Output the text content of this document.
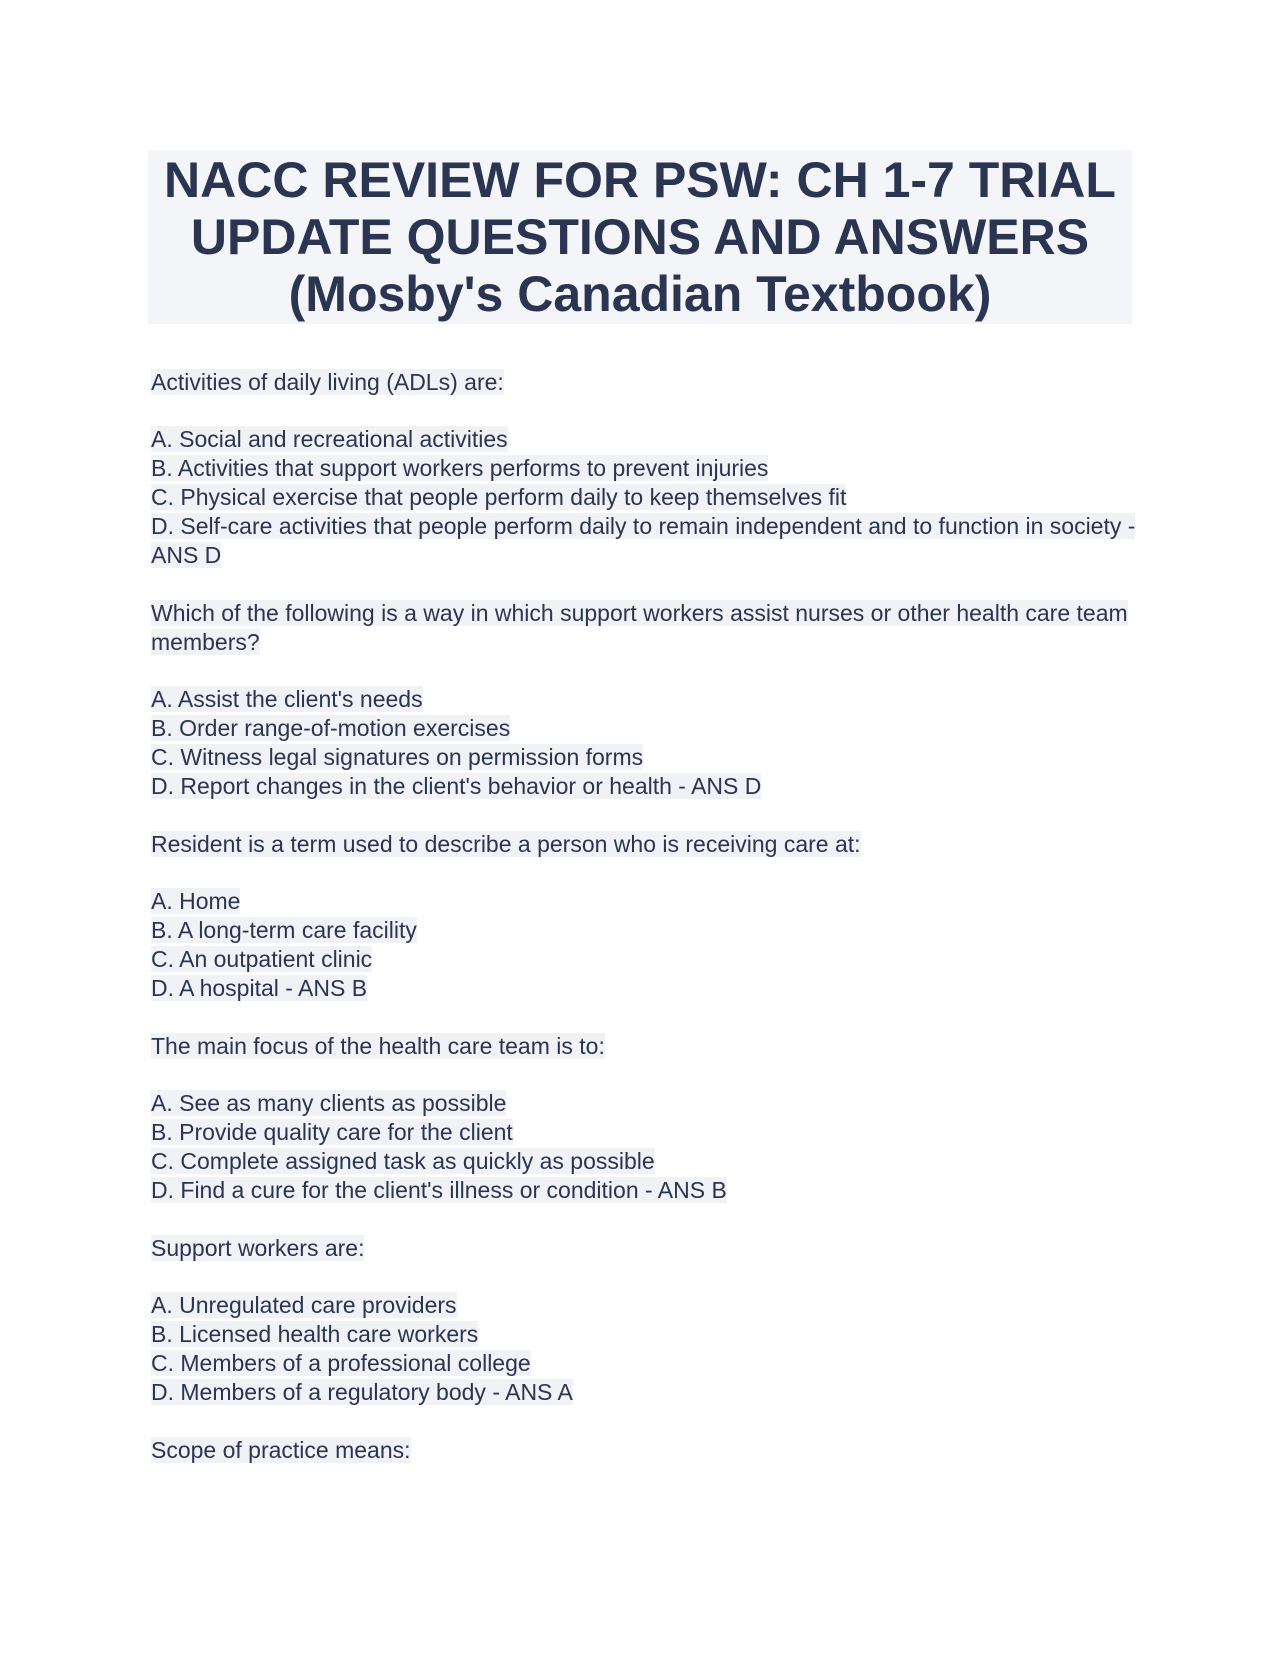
NACC REVIEW FOR PSW: CH 1-7 TRIAL
UPDATE QUESTIONS AND ANSWERS
(Mosby's Canadian Textbook)

Activities of daily living (ADLs) are:

A. Social and recreational activities

B. Activities that support workers performs to prevent injuries

C. Physical exercise that people perform daily to keep themselves fit

D. Self-care activities that people perform daily to remain independent and to function in society - ANS D

Which of the following is a way in which support workers assist nurses or other health care team members?

A. Assist the client's needs

B. Order range-of-motion exercises

C. Witness legal signatures on permission forms

D. Report changes in the client's behavior or health - ANS D

Resident is a term used to describe a person who is receiving care at:

A. Home

B. A long-term care facility

C. An outpatient clinic

D. A hospital - ANS B

The main focus of the health care team is to:

A. See as many clients as possible

B. Provide quality care for the client

C. Complete assigned task as quickly as possible

D. Find a cure for the client's illness or condition - ANS B

Support workers are:

A. Unregulated care providers

B. Licensed health care workers

C. Members of a professional college

D. Members of a regulatory body - ANS A

Scope of practice means:
